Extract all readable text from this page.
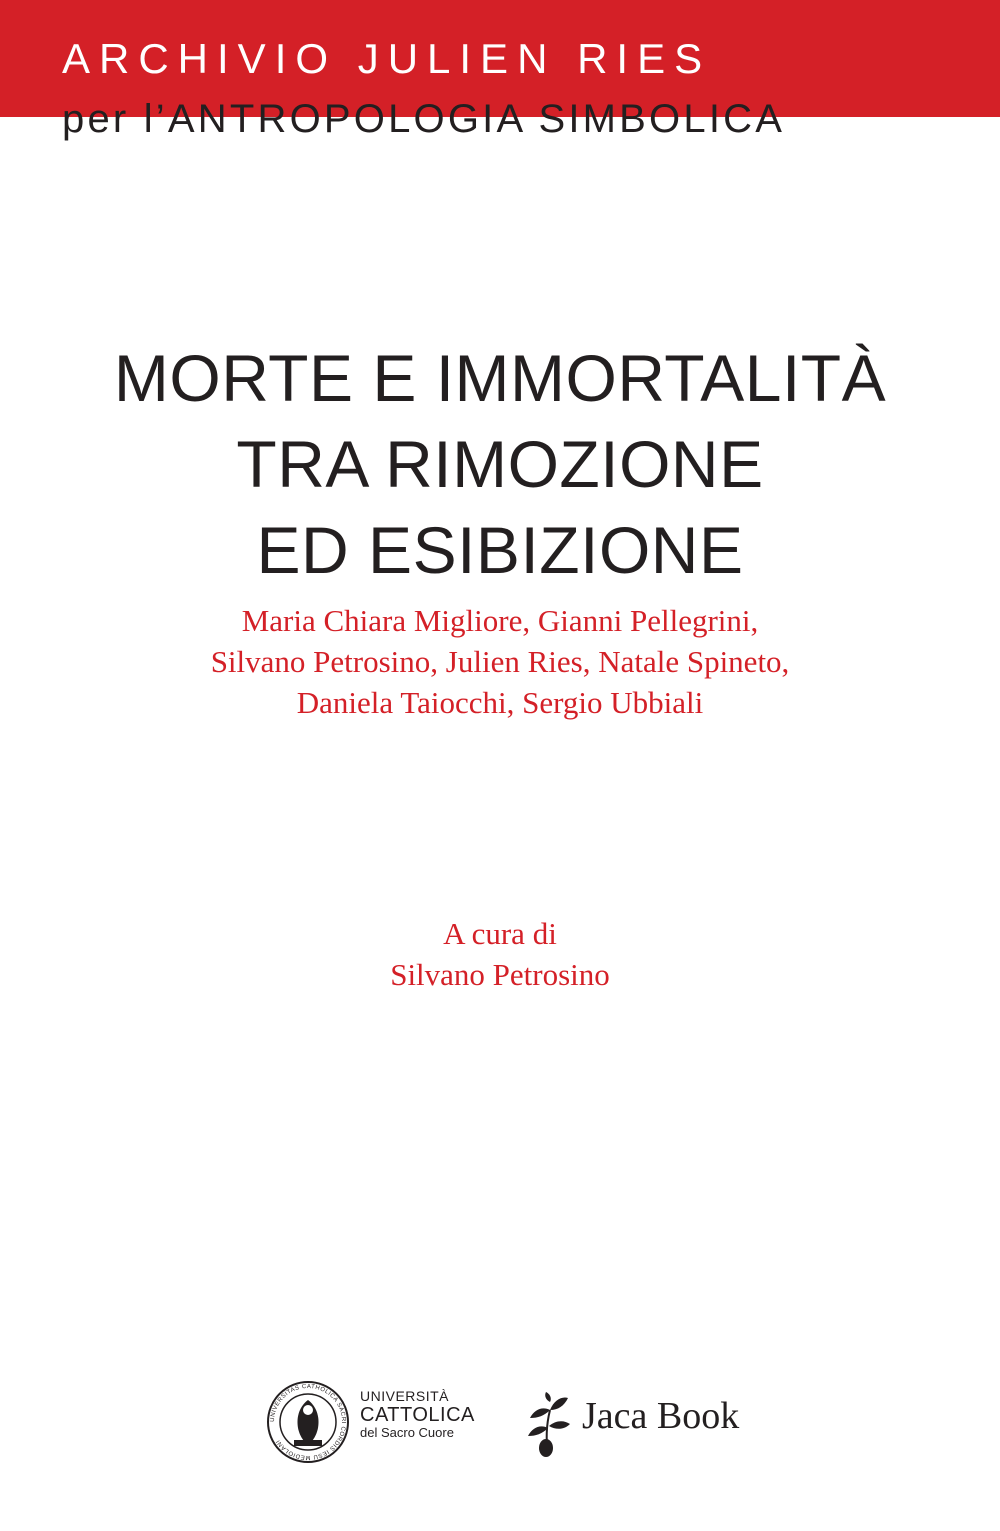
ARCHIVIO JULIEN RIES
per l’ANTROPOLOGIA SIMBOLICA
MORTE E IMMORTALITÀ
TRA RIMOZIONE
ED ESIBIZIONE
Maria Chiara Migliore, Gianni Pellegrini,
Silvano Petrosino, Julien Ries, Natale Spineto,
Daniela Taiocchi, Sergio Ubbiali
A cura di
Silvano Petrosino
UNIVERSITAS CATHOLICA SACRI CORDIS IESU MEDIOLANI
UNIVERSITÀ
CATTOLICA
del Sacro Cuore	Jaca Book
